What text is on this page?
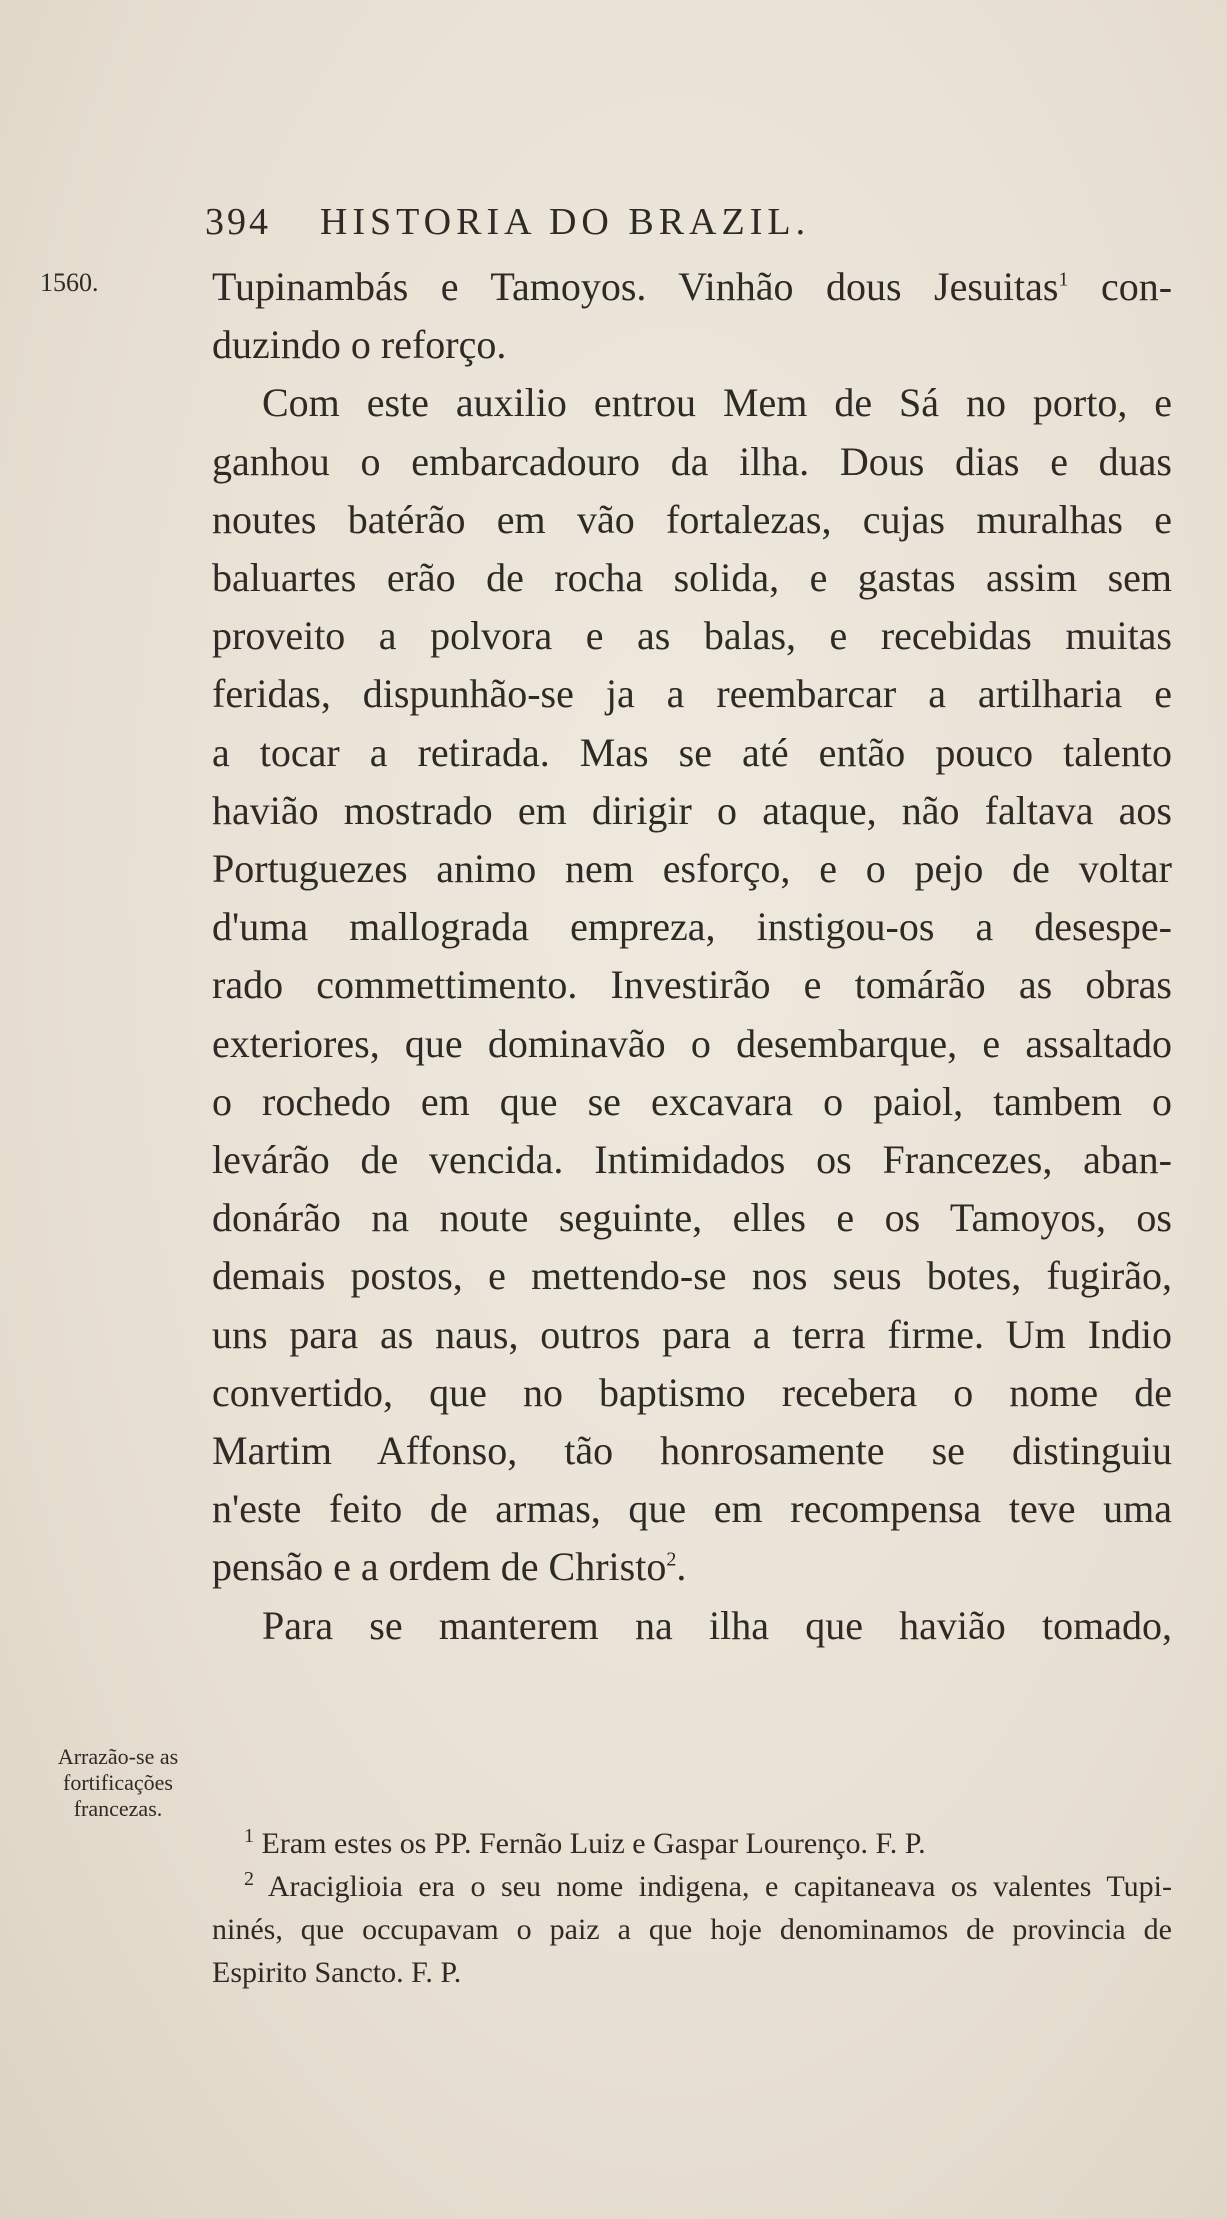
394	HISTORIA DO BRAZIL.
1560.	Tupinambás e Tamoyos. Vinhão dous Jesuitas$^1$ con-
duzindo o reforço.
Com este auxilio entrou Mem de Sá no porto, e
ganhou o embarcadouro da ilha. Dous dias e duas
noutes batérão em vão fortalezas, cujas muralhas e
baluartes erão de rocha solida, e gastas assim sem
proveito a polvora e as balas, e recebidas muitas
feridas, dispunhão-se ja a reembarcar a artilharia e
a tocar a retirada. Mas se até então pouco talento
havião mostrado em dirigir o ataque, não faltava aos
Portuguezes animo nem esforço, e o pejo de voltar
d'uma mallograda empreza, instigou-os a desespe-
rado commettimento. Investirão e tomárão as obras
exteriores, que dominavão o desembarque, e assaltado
o rochedo em que se excavara o paiol, tambem o
levárão de vencida. Intimidados os Francezes, aban-
donárão na noute seguinte, elles e os Tamoyos, os
demais postos, e mettendo-se nos seus botes, fugirão,
uns para as naus, outros para a terra firme. Um Indio
convertido, que no baptismo recebera o nome de
Martim Affonso, tão honrosamente se distinguiu
n'este feito de armas, que em recompensa teve uma
pensão e a ordem de Christo$^2$.
Para se manterem na ilha que havião tomado,
Arrazão-se as
fortificações
francezas.
$^1$ Eram estes os PP. Fernão Luiz e Gaspar Lourenço. F. P.
$^2$ Araciglioia era o seu nome indigena, e capitaneava os valentes Tupi-
ninés, que occupavam o paiz a que hoje denominamos de provincia de
Espirito Sancto. F. P.
